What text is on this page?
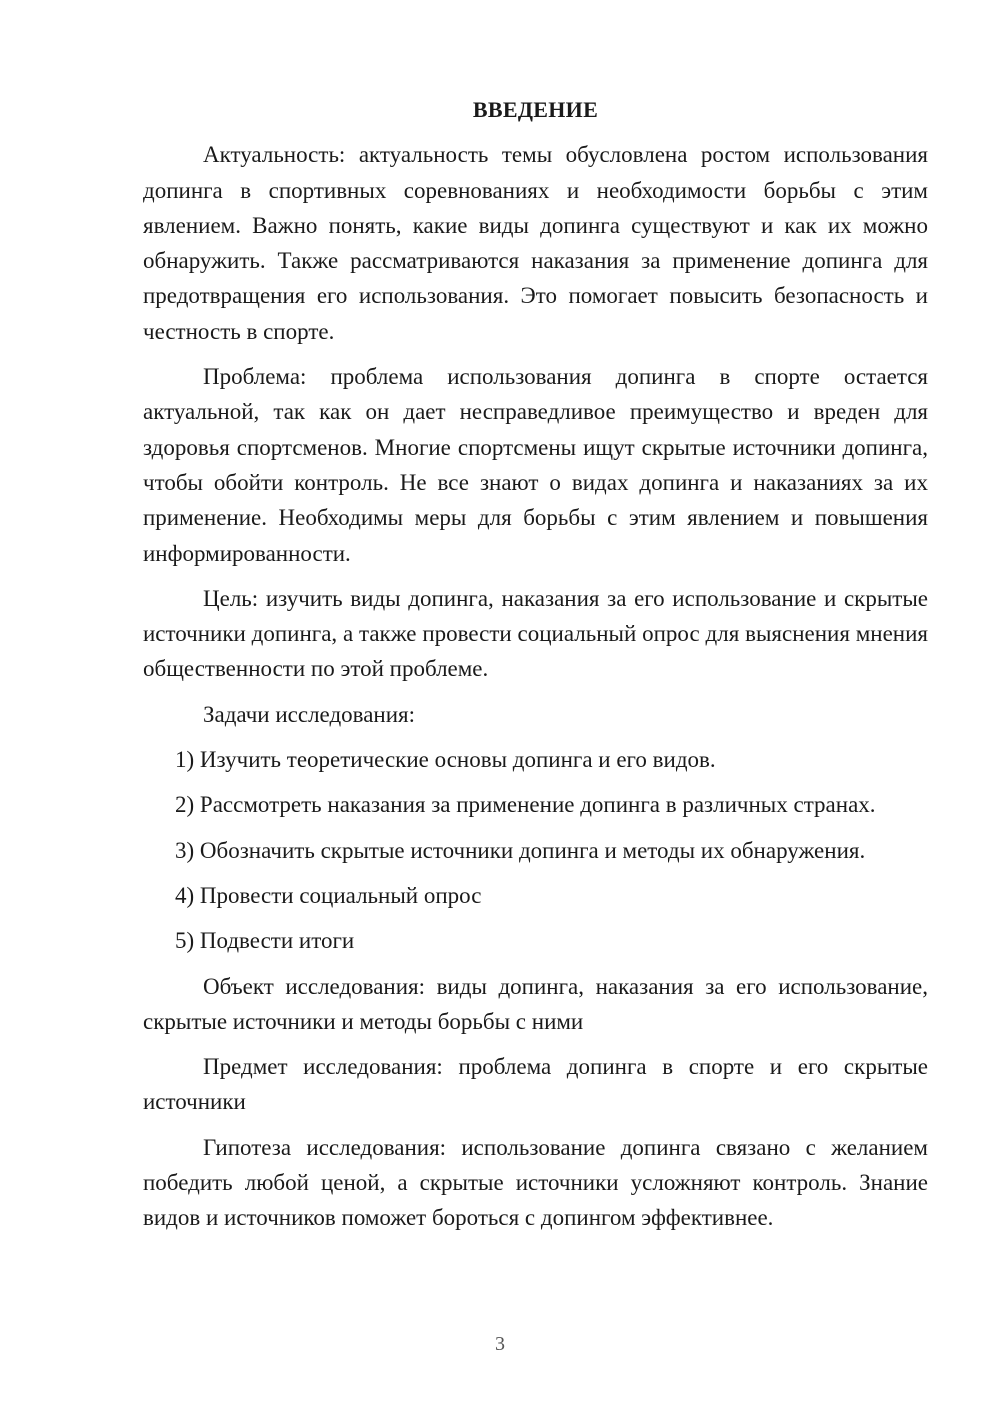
ВВЕДЕНИЕ

Актуальность: актуальность темы обусловлена ростом использования допинга в спортивных соревнованиях и необходимости борьбы с этим явлением. Важно понять, какие виды допинга существуют и как их можно обнаружить. Также рассматриваются наказания за применение допинга для предотвращения его использования. Это помогает повысить безопасность и честность в спорте.

Проблема: проблема использования допинга в спорте остается актуальной, так как он дает несправедливое преимущество и вреден для здоровья спортсменов. Многие спортсмены ищут скрытые источники допинга, чтобы обойти контроль. Не все знают о видах допинга и наказаниях за их применение. Необходимы меры для борьбы с этим явлением и повышения информированности.

Цель: изучить виды допинга, наказания за его использование и скрытые источники допинга, а также провести социальный опрос для выяснения мнения общественности по этой проблеме.

Задачи исследования:

1) Изучить теоретические основы допинга и его видов.

2) Рассмотреть наказания за применение допинга в различных странах.

3) Обозначить скрытые источники допинга и методы их обнаружения.

4) Провести социальный опрос

5) Подвести итоги

Объект исследования: виды допинга, наказания за его использование, скрытые источники и методы борьбы с ними

Предмет исследования: проблема допинга в спорте и его скрытые источники

Гипотеза исследования: использование допинга связано с желанием победить любой ценой, а скрытые источники усложняют контроль. Знание видов и источников поможет бороться с допингом эффективнее.

3
